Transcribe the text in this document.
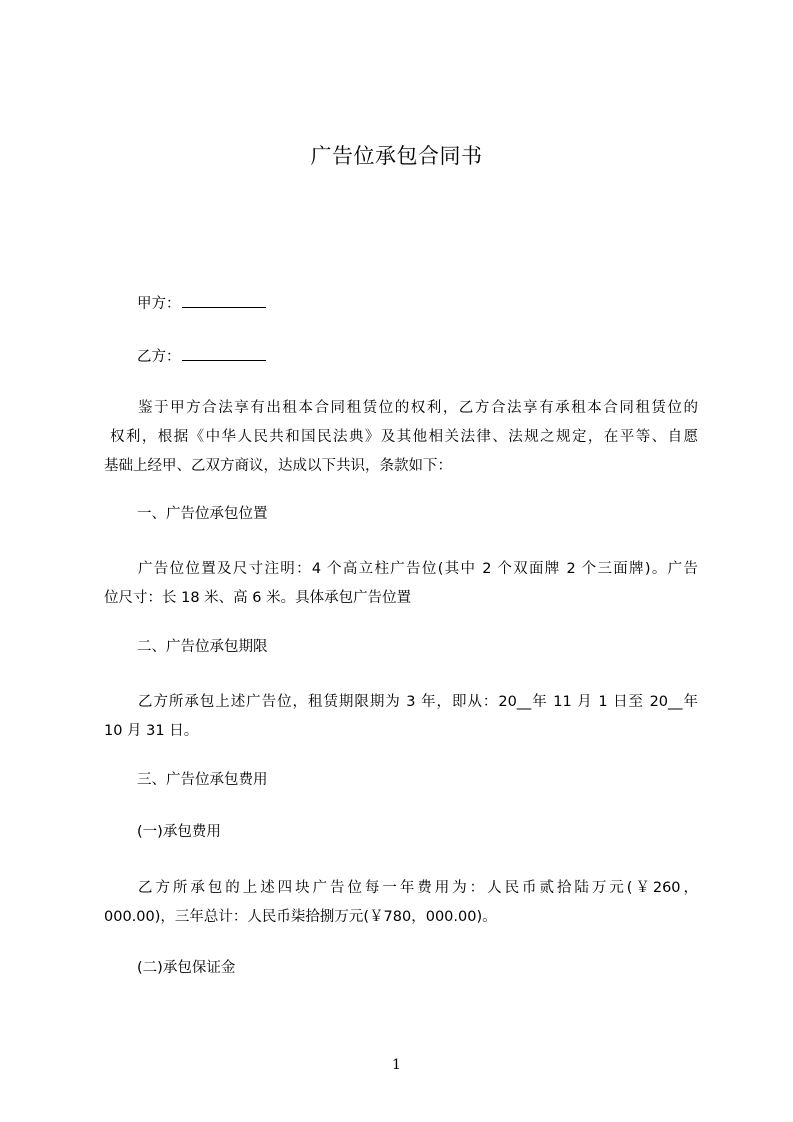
广告位承包合同书
甲方：
乙方：
鉴于甲方合法享有出租本合同租赁位的权利，乙方合法享有承租本合同租赁位的
权利，根据《中华人民共和国民法典》及其他相关法律、法规之规定，在平等、自愿
基础上经甲、乙双方商议，达成以下共识，条款如下：
一、广告位承包位置
广告位位置及尺寸注明：4 个高立柱广告位(其中 2 个双面牌 2 个三面牌)。广告
位尺寸：长 18 米、高 6 米。具体承包广告位置
二、广告位承包期限
乙方所承包上述广告位，租赁期限期为 3 年，即从：20__年 11 月 1 日至 20__年
10 月 31 日。
三、广告位承包费用
(一)承包费用
乙方所承包的上述四块广告位每一年费用为：人民币贰拾陆万元(￥260，
000.00)，三年总计：人民币柒拾捌万元(￥780，000.00)。
(二)承包保证金
1
